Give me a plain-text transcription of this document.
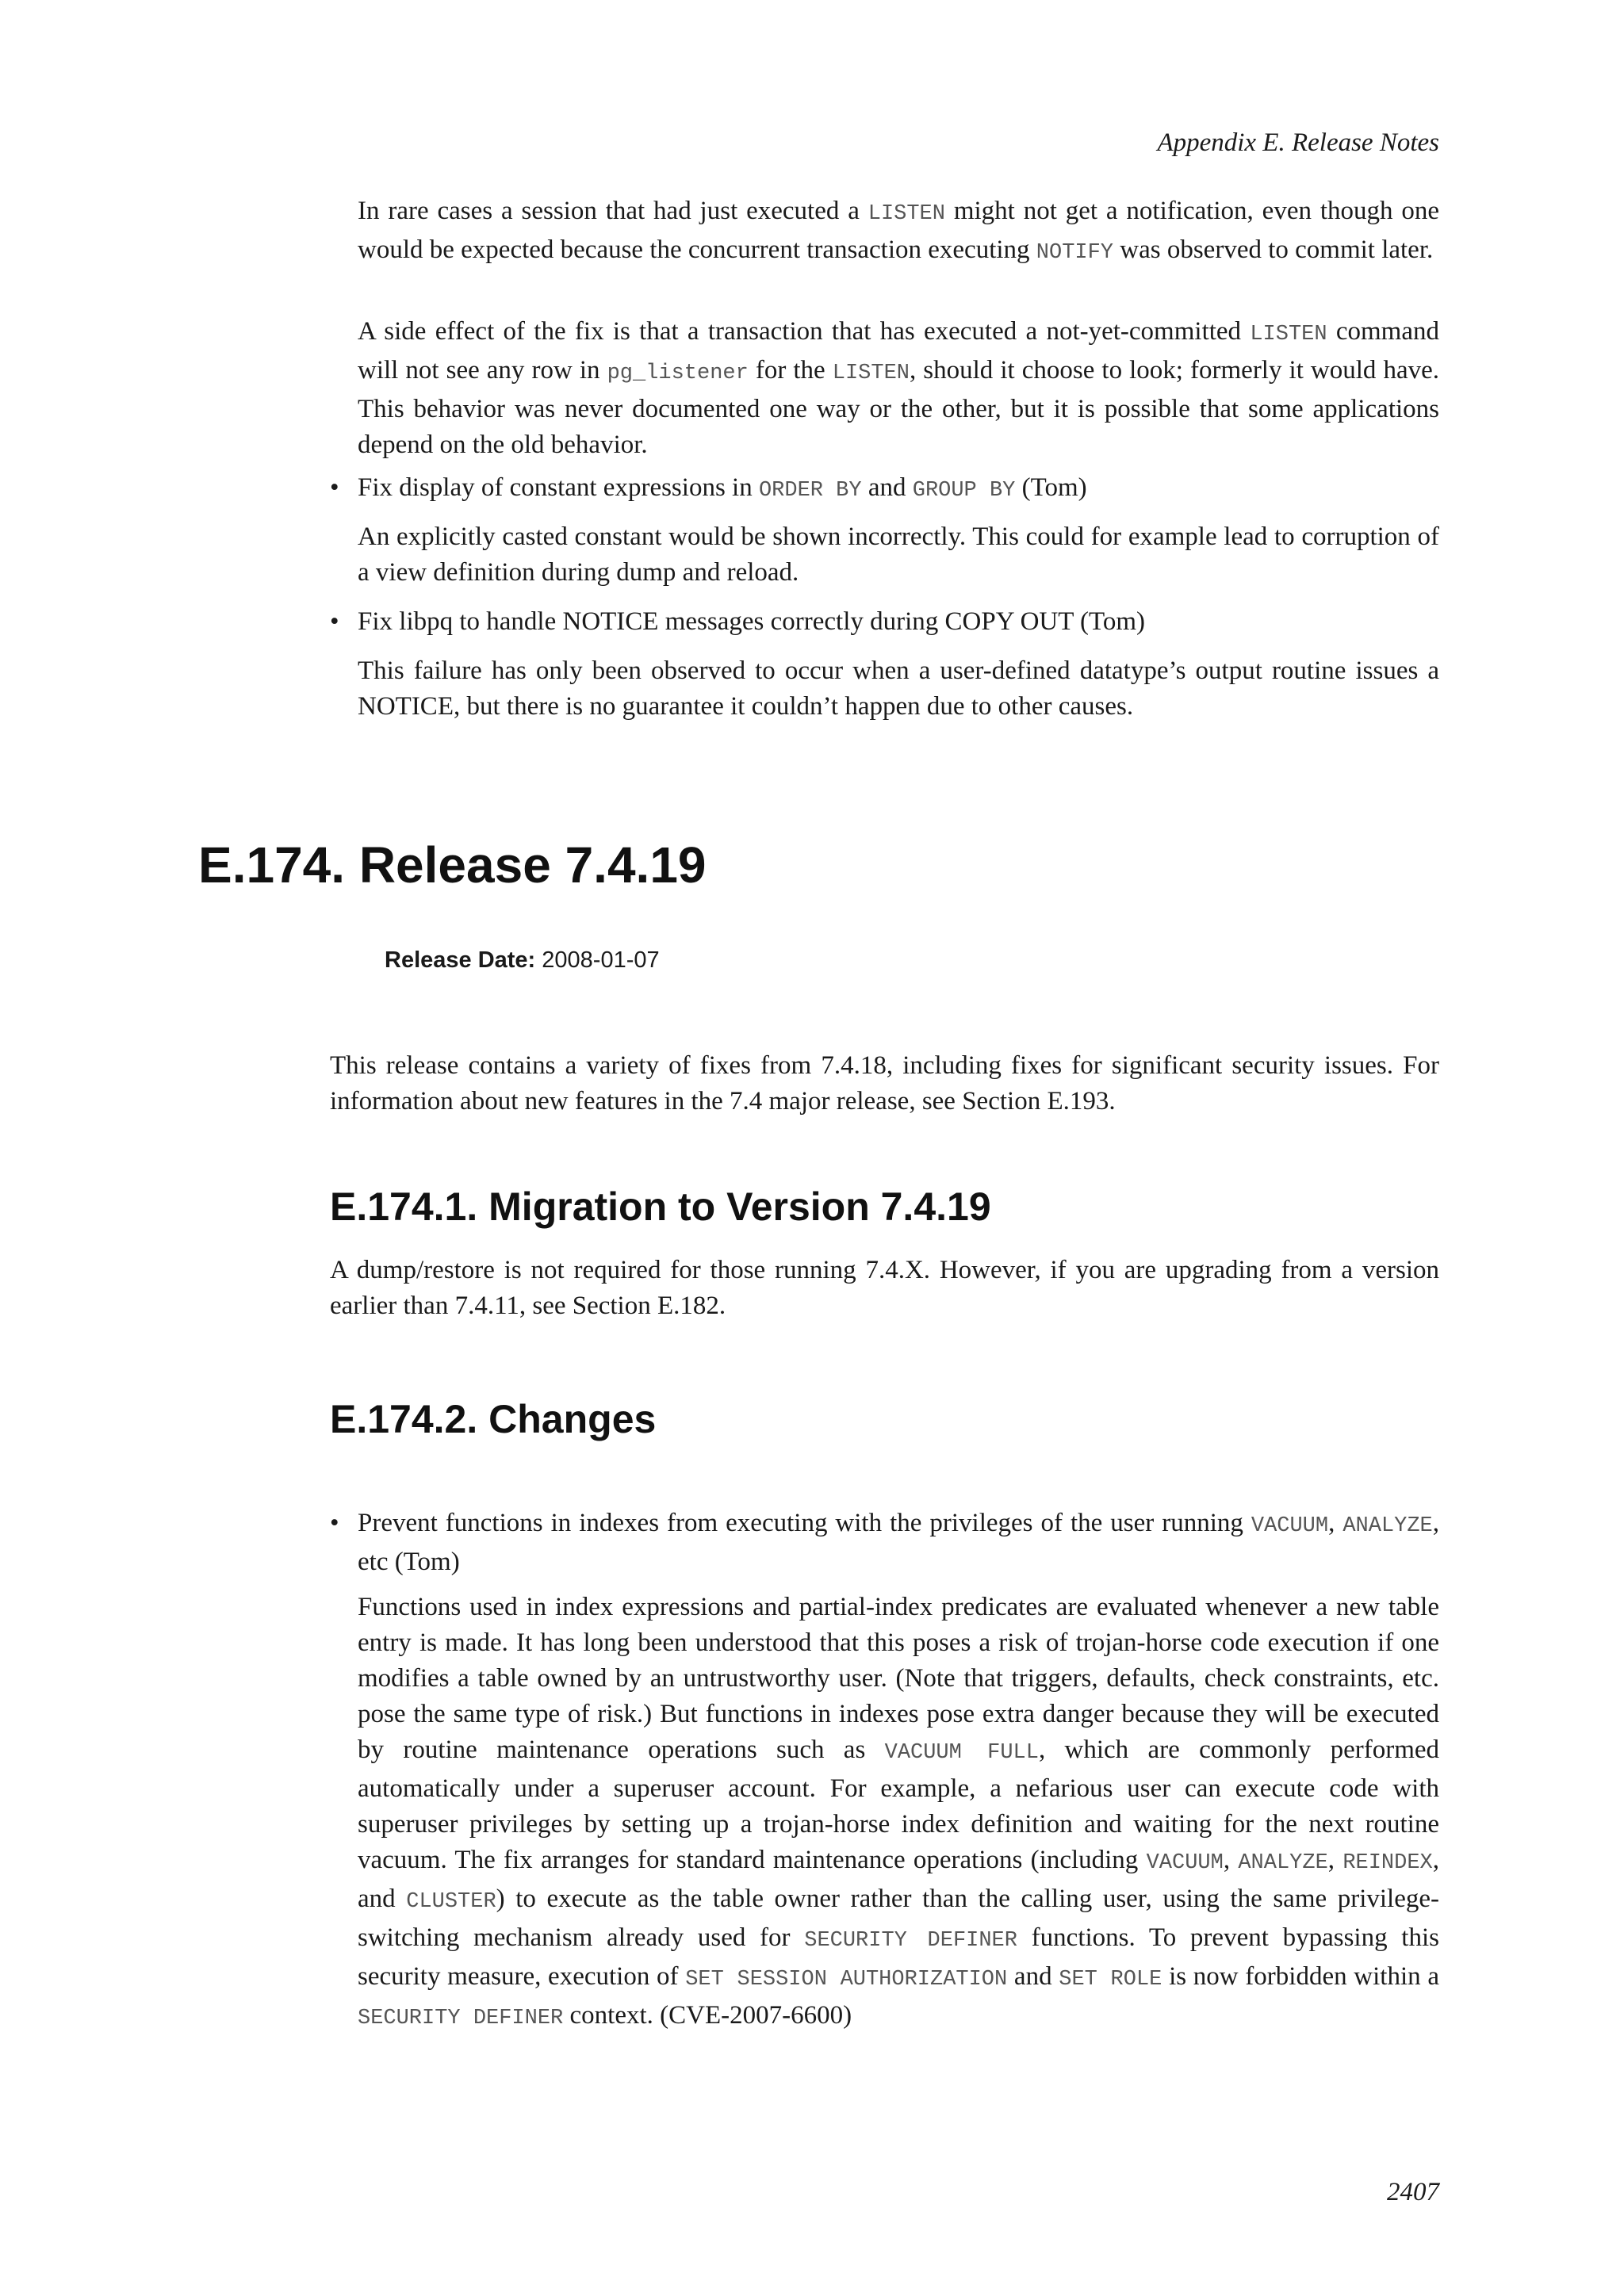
Appendix E. Release Notes

In rare cases a session that had just executed a LISTEN might not get a notification, even though one would be expected because the concurrent transaction executing NOTIFY was observed to commit later.

A side effect of the fix is that a transaction that has executed a not-yet-committed LISTEN command will not see any row in pg_listener for the LISTEN, should it choose to look; formerly it would have. This behavior was never documented one way or the other, but it is possible that some applications depend on the old behavior.

• Fix display of constant expressions in ORDER BY and GROUP BY (Tom)

An explicitly casted constant would be shown incorrectly. This could for example lead to corruption of a view definition during dump and reload.
• Fix libpq to handle NOTICE messages correctly during COPY OUT (Tom)
This failure has only been observed to occur when a user-defined datatype’s output routine issues a NOTICE, but there is no guarantee it couldn’t happen due to other causes.
E.174. Release 7.4.19
Release Date: 2008-01-07
This release contains a variety of fixes from 7.4.18, including fixes for significant security issues. For information about new features in the 7.4 major release, see Section E.193.
E.174.1. Migration to Version 7.4.19
A dump/restore is not required for those running 7.4.X. However, if you are upgrading from a version earlier than 7.4.11, see Section E.182.
E.174.2. Changes
• Prevent functions in indexes from executing with the privileges of the user running VACUUM, ANALYZE, etc (Tom)

Functions used in index expressions and partial-index predicates are evaluated whenever a new table entry is made. It has long been understood that this poses a risk of trojan-horse code execution if one modifies a table owned by an untrustworthy user. (Note that triggers, defaults, check constraints, etc. pose the same type of risk.) But functions in indexes pose extra danger because they will be executed by routine maintenance operations such as VACUUM FULL, which are commonly performed automatically under a superuser account. For example, a nefarious user can execute code with superuser privileges by setting up a trojan-horse index definition and waiting for the next routine vacuum. The fix arranges for standard maintenance operations (including VACUUM, ANALYZE, REINDEX, and CLUSTER) to execute as the table owner rather than the calling user, using the same privilege-switching mechanism already used for SECURITY DEFINER functions. To prevent bypassing this security measure, execution of SET SESSION AUTHORIZATION and SET ROLE is now forbidden within a SECURITY DEFINER context. (CVE-2007-6600)

2407
